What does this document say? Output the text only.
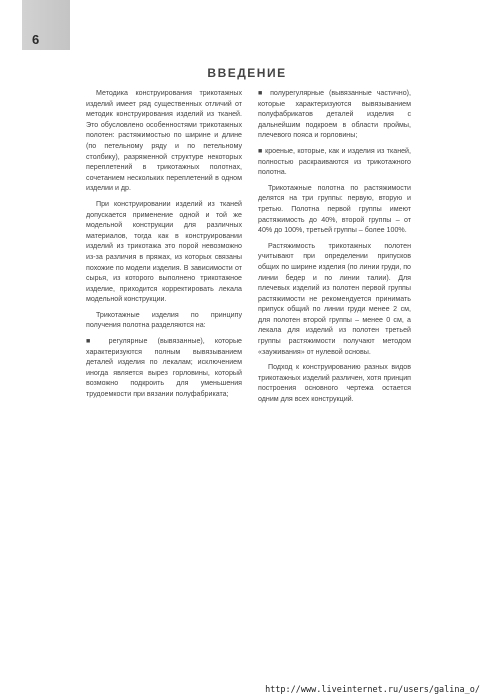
6
ВВЕДЕНИЕ

Методика конструирования трикотажных изделий имеет ряд существенных отличий от методик конструирования изделий из тканей. Это обусловлено особенностями трикотажных полотен: растяжимостью по ширине и длине (по петельному ряду и по петельному столбику), разряженной структуре некоторых переплетений в трикотажных полотнах, сочетанием нескольких переплетений в одном изделии и др.

При конструировании изделий из тканей допускается применение одной и той же модельной конструкции для различных материалов, тогда как в конструировании изделий из трикотажа это порой невозможно из-за различия в пряжах, из которых связаны похожие по модели изделия. В зависимости от сырья, из которого выполнено трикотажное изделие, приходится корректировать лекала модельной конструкции.

Трикотажные изделия по принципу получения полотна разделяются на:

■ регулярные (вывязанные), которые характеризуются полным вывязыванием деталей изделия по лекалам; исключением иногда является вырез горловины, который возможно подкроить для уменьшения трудоемкости при вязании полуфабриката;

■ полурегулярные (вывязанные частично), которые характеризуются вывязыванием полуфабрикатов деталей изделия с дальнейшим подкроем в области проймы, плечевого пояса и горловины;

■ кроеные, которые, как и изделия из тканей, полностью раскраиваются из трикотажного полотна.

Трикотажные полотна по растяжимости делятся на три группы: первую, вторую и третью. Полотна первой группы имеют растяжимость до 40%, второй группы – от 40% до 100%, третьей группы – более 100%.

Растяжимость трикотажных полотен учитывают при определении припусков общих по ширине изделия (по линии груди, по линии бедер и по линии талии). Для плечевых изделий из полотен первой группы растяжимости не рекомендуется принимать припуск общий по линии груди менее 2 см, для полотен второй группы – менее 0 см, а лекала для изделий из полотен третьей группы растяжимости получают методом «зауживания» от нулевой основы.

Подход к конструированию разных видов трикотажных изделий различен, хотя принцип построения основного чертежа остается одним для всех конструкций.

http://www.liveinternet.ru/users/galina_o/
